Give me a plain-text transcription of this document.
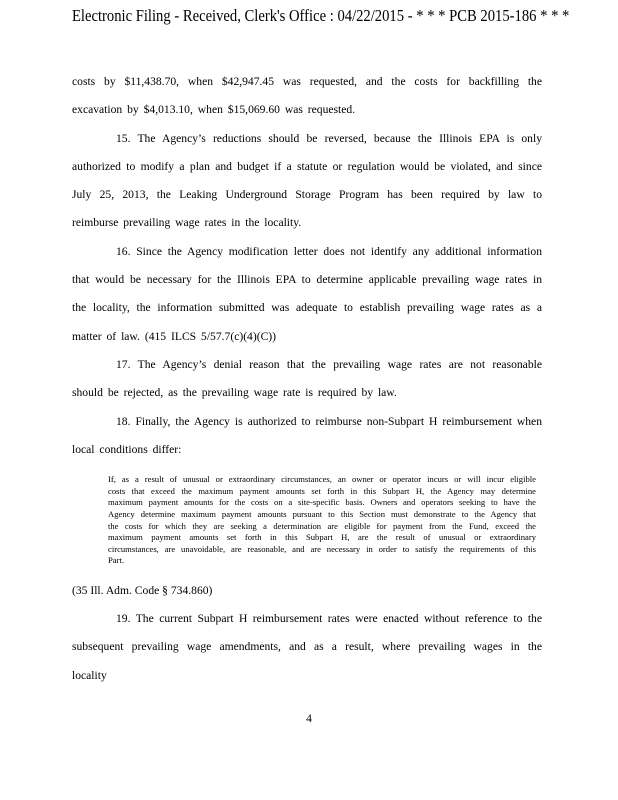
Electronic Filing - Received, Clerk's Office : 04/22/2015 - * * * PCB 2015-186 * * *

costs by $11,438.70, when $42,947.45 was requested, and the costs for backfilling the excavation by $4,013.10, when $15,069.60 was requested.

15. The Agency’s reductions should be reversed, because the Illinois EPA is only authorized to modify a plan and budget if a statute or regulation would be violated, and since July 25, 2013, the Leaking Underground Storage Program has been required by law to reimburse prevailing wage rates in the locality.

16. Since the Agency modification letter does not identify any additional information that would be necessary for the Illinois EPA to determine applicable prevailing wage rates in the locality, the information submitted was adequate to establish prevailing wage rates as a matter of law. (415 ILCS 5/57.7(c)(4)(C))

17. The Agency’s denial reason that the prevailing wage rates are not reasonable should be rejected, as the prevailing wage rate is required by law.

18. Finally, the Agency is authorized to reimburse non-Subpart H reimbursement when local conditions differ:

If, as a result of unusual or extraordinary circumstances, an owner or operator incurs or will incur eligible costs that exceed the maximum payment amounts set forth in this Subpart H, the Agency may determine maximum payment amounts for the costs on a site-specific basis. Owners and operators seeking to have the Agency determine maximum payment amounts pursuant to this Section must demonstrate to the Agency that the costs for which they are seeking a determination are eligible for payment from the Fund, exceed the maximum payment amounts set forth in this Subpart H, are the result of unusual or extraordinary circumstances, are unavoidable, are reasonable, and are necessary in order to satisfy the requirements of this Part.

(35 Ill. Adm. Code § 734.860)

19. The current Subpart H reimbursement rates were enacted without reference to the subsequent prevailing wage amendments, and as a result, where prevailing wages in the locality

4
